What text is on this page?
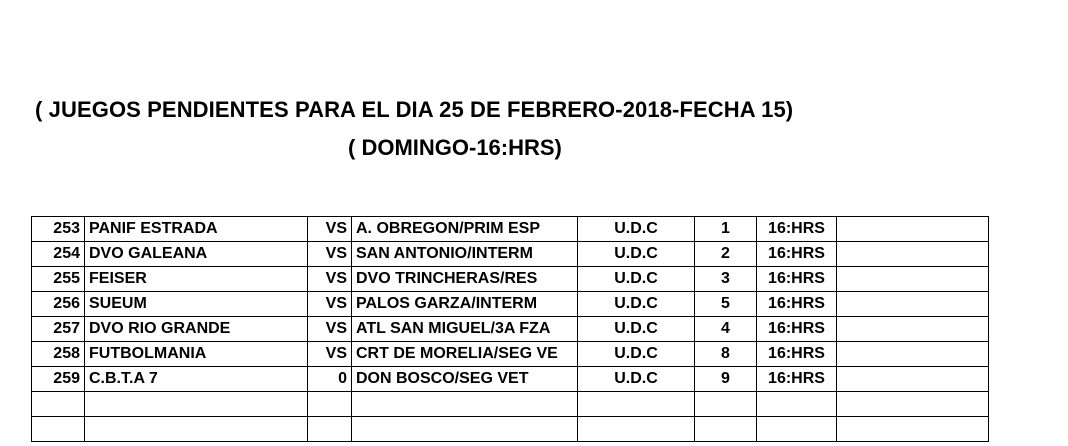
( JUEGOS PENDIENTES PARA EL DIA 25 DE FEBRERO-2018-FECHA 15)
( DOMINGO-16:HRS)
253	PANIF ESTRADA	VS	A. OBREGON/PRIM ESP	U.D.C	1	16:HRS	
254	DVO GALEANA	VS	SAN ANTONIO/INTERM	U.D.C	2	16:HRS	
255	FEISER	VS	DVO TRINCHERAS/RES	U.D.C	3	16:HRS	
256	SUEUM	VS	PALOS GARZA/INTERM	U.D.C	5	16:HRS	
257	DVO RIO GRANDE	VS	ATL SAN MIGUEL/3A FZA	U.D.C	4	16:HRS	
258	FUTBOLMANIA	VS	CRT DE MORELIA/SEG VE	U.D.C	8	16:HRS	
259	C.B.T.A 7	0	DON BOSCO/SEG VET	U.D.C	9	16:HRS	
